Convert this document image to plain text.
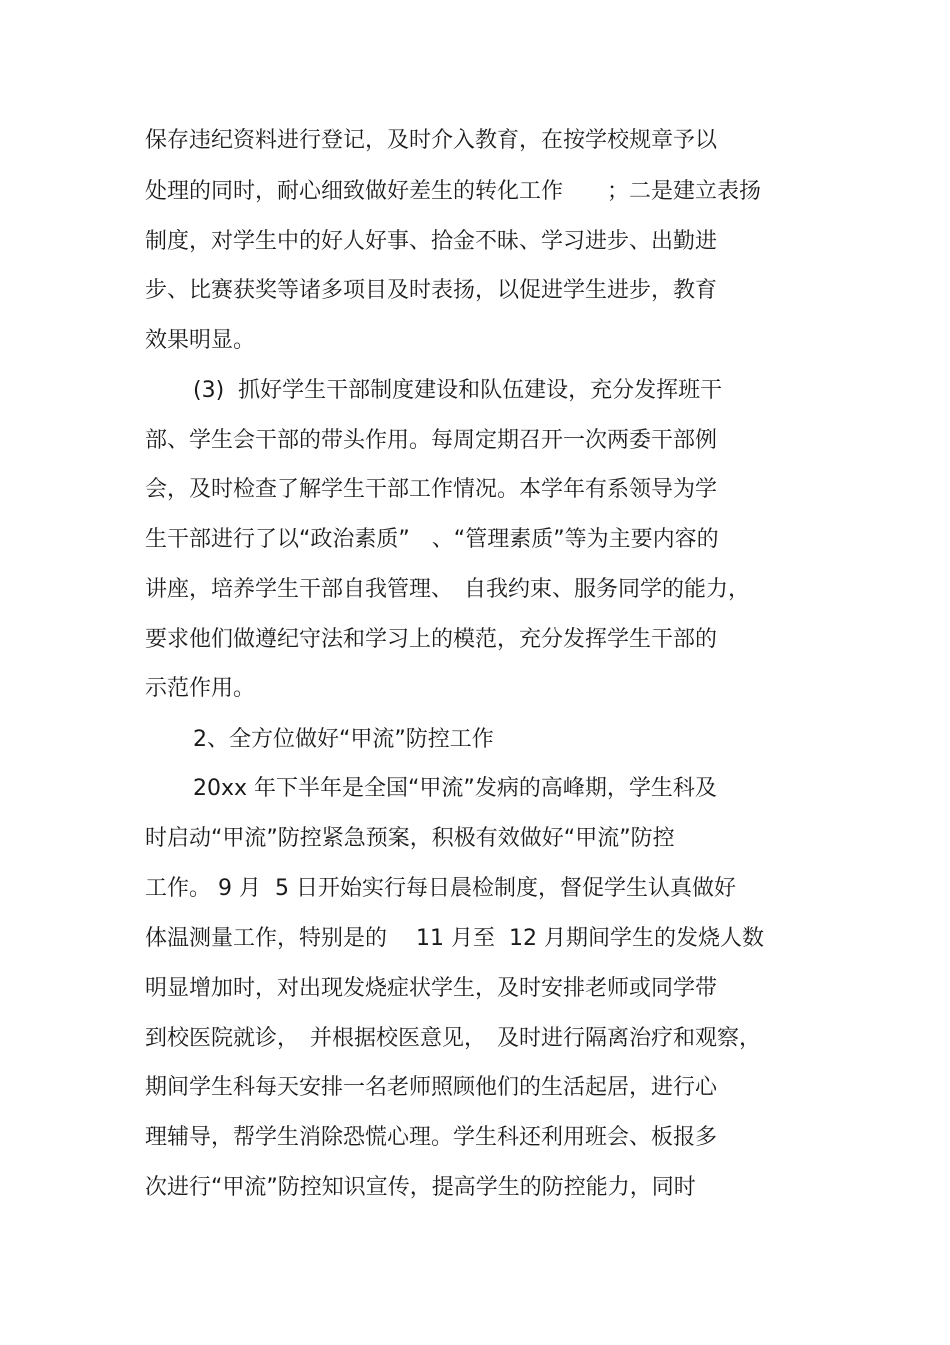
保存违纪资料进行登记，及时介入教育，在按学校规章予以
处理的同时，耐心细致做好差生的转化工作　　；二是建立表扬
制度，对学生中的好人好事、拾金不昧、学习进步、出勤进
步、比赛获奖等诸多项目及时表扬，以促进学生进步，教育
效果明显。
(3)  抓好学生干部制度建设和队伍建设，充分发挥班干
部、学生会干部的带头作用。每周定期召开一次两委干部例
会，及时检查了解学生干部工作情况。本学年有系领导为学
生干部进行了以“政治素质”　、“管理素质”等为主要内容的
讲座，培养学生干部自我管理、　自我约束、服务同学的能力，
要求他们做遵纪守法和学习上的模范，充分发挥学生干部的
示范作用。
2、全方位做好“甲流”防控工作
20xx 年下半年是全国“甲流”发病的高峰期，学生科及
时启动“甲流”防控紧急预案，积极有效做好“甲流”防控
工作。 9 月  5 日开始实行每日晨检制度，督促学生认真做好
体温测量工作，特别是的　 11 月至  12 月期间学生的发烧人数
明显增加时，对出现发烧症状学生，及时安排老师或同学带
到校医院就诊，　并根据校医意见，　及时进行隔离治疗和观察，
期间学生科每天安排一名老师照顾他们的生活起居，进行心
理辅导，帮学生消除恐慌心理。学生科还利用班会、板报多
次进行“甲流”防控知识宣传，提高学生的防控能力，同时
